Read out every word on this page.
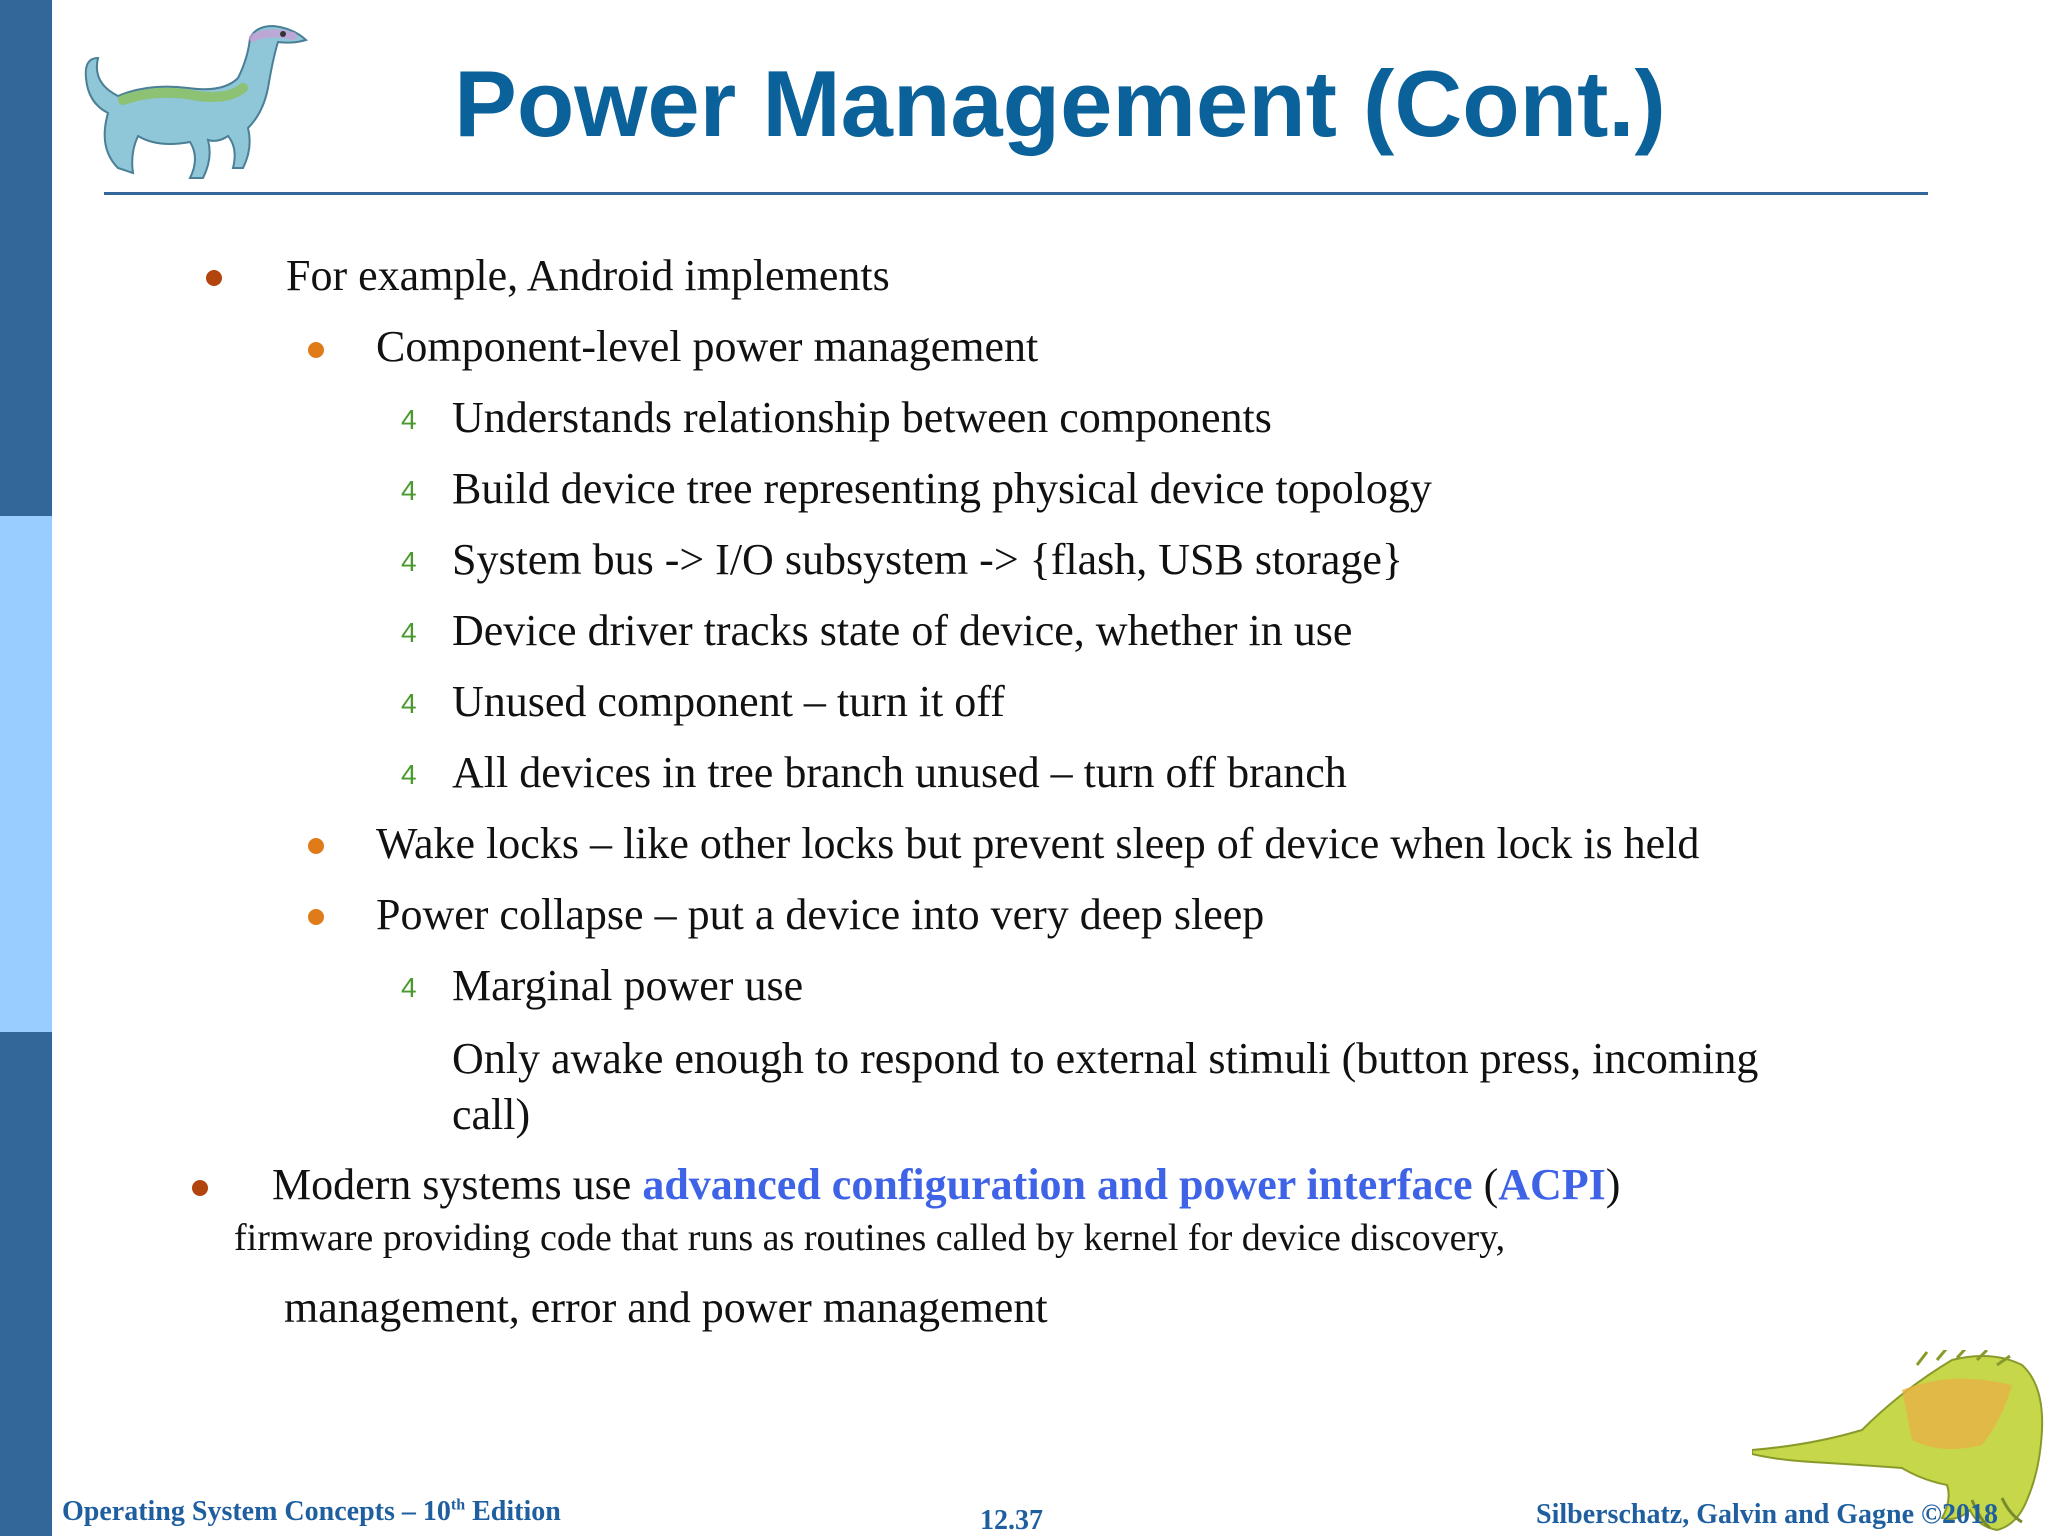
Power Management (Cont.)
For example, Android implements
Component-level power management
4 Understands relationship between components
4 Build device tree representing physical device topology
4 System bus -> I/O subsystem -> {flash, USB storage}
4 Device driver tracks state of device, whether in use
4 Unused component – turn it off
4 All devices in tree branch unused – turn off branch
Wake locks – like other locks but prevent sleep of device when lock is held
Power collapse – put a device into very deep sleep
4 Marginal power use
Only awake enough to respond to external stimuli (button press, incoming
call)
Modern systems use advanced configuration and power interface (ACPI)
firmware providing code that runs as routines called by kernel for device discovery,
management, error and power management
Operating System Concepts – 10th Edition	12.37	Silberschatz, Galvin and Gagne ©2018
